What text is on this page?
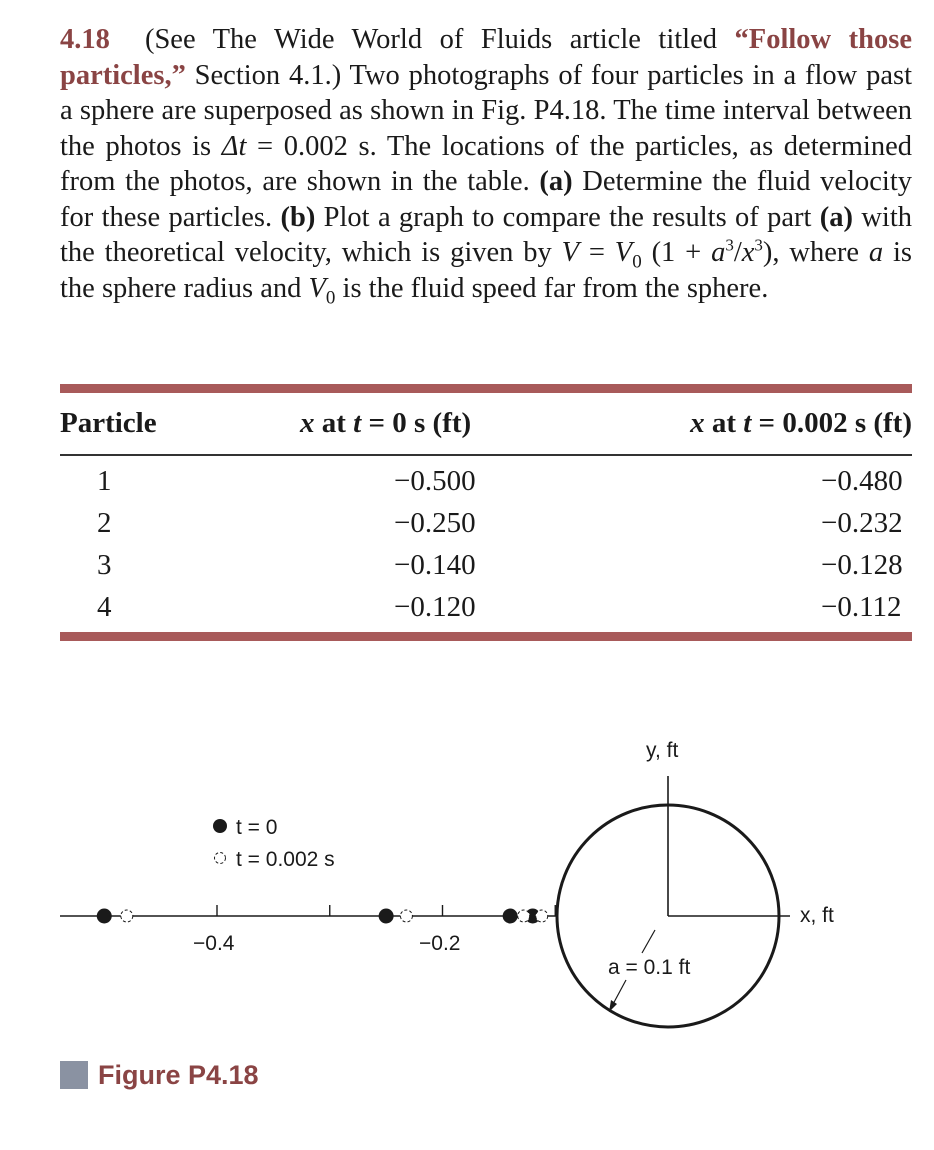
4.18 (See The Wide World of Fluids article titled “Follow those particles,” Section 4.1.) Two photographs of four particles in a flow past a sphere are superposed as shown in Fig. P4.18. The time interval between the photos is Δt = 0.002 s. The locations of the particles, as determined from the photos, are shown in the table. (a) Determine the fluid velocity for these particles. (b) Plot a graph to compare the results of part (a) with the theoretical velocity, which is given by $V = V_0$ $(1 + a^3/x^3)$, where a is the sphere radius and $V_0$ is the fluid speed far from the sphere.
Particle	x at t = 0 s (ft)	x at t = 0.002 s (ft)
1	−0.500	−0.480
2	−0.250	−0.232
3	−0.140	−0.128
4	−0.120	−0.112
t = 0
t = 0.002 s
−0.4	−0.2
y, ft
x, ft
a = 0.1 ft
Figure P4.18
